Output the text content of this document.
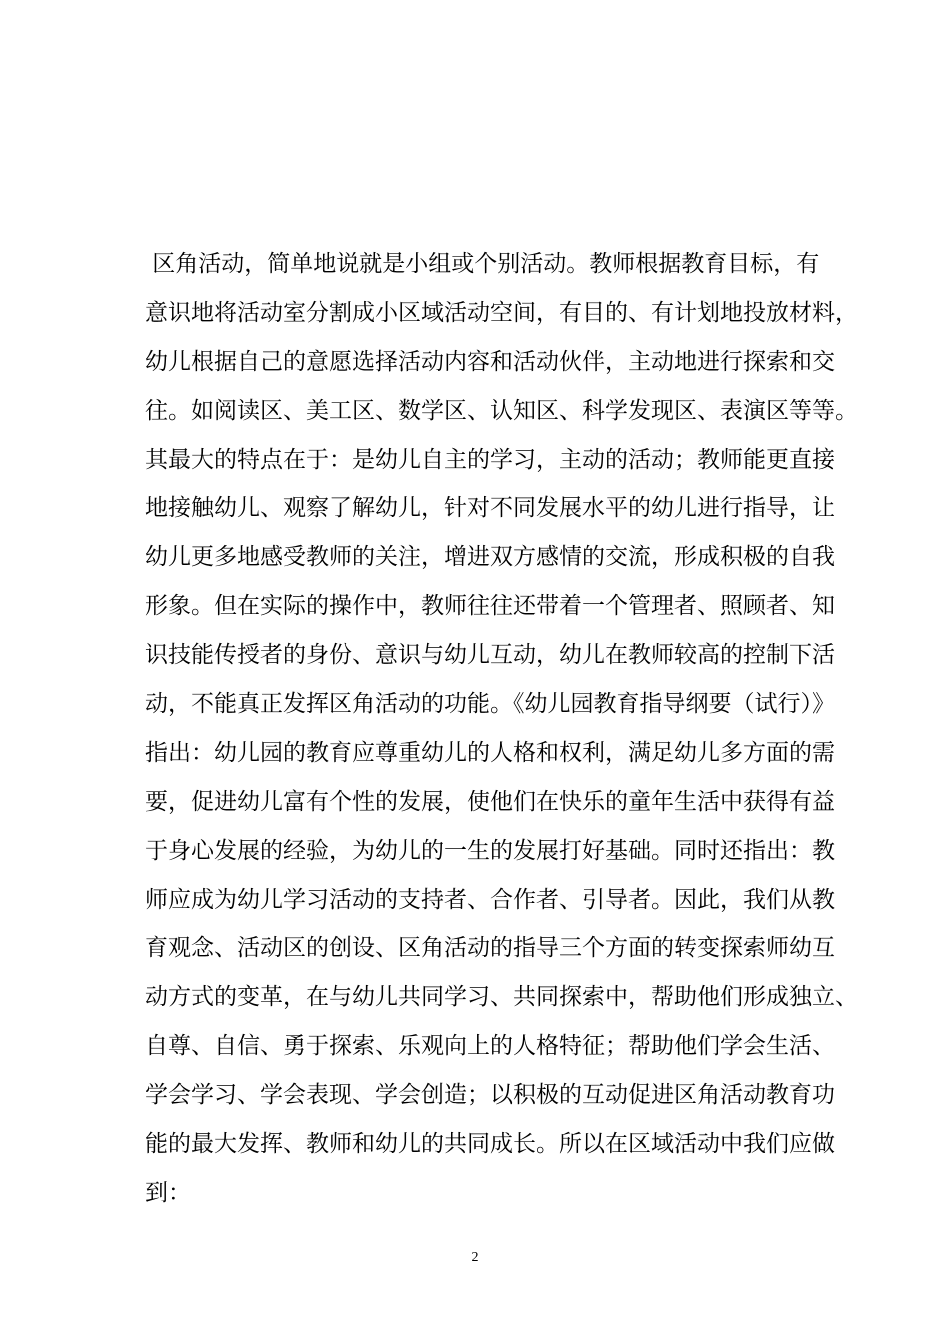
区角活动，简单地说就是小组或个别活动。教师根据教育目标，有
意识地将活动室分割成小区域活动空间，有目的、有计划地投放材料，
幼儿根据自己的意愿选择活动内容和活动伙伴，主动地进行探索和交
往。如阅读区、美工区、数学区、认知区、科学发现区、表演区等等。
其最大的特点在于：是幼儿自主的学习，主动的活动；教师能更直接
地接触幼儿、观察了解幼儿，针对不同发展水平的幼儿进行指导，让
幼儿更多地感受教师的关注，增进双方感情的交流，形成积极的自我
形象。但在实际的操作中，教师往往还带着一个管理者、照顾者、知
识技能传授者的身份、意识与幼儿互动，幼儿在教师较高的控制下活
动，不能真正发挥区角活动的功能。《幼儿园教育指导纲要（试行）》
指出：幼儿园的教育应尊重幼儿的人格和权利，满足幼儿多方面的需
要，促进幼儿富有个性的发展，使他们在快乐的童年生活中获得有益
于身心发展的经验，为幼儿的一生的发展打好基础。同时还指出：教
师应成为幼儿学习活动的支持者、合作者、引导者。因此，我们从教
育观念、活动区的创设、区角活动的指导三个方面的转变探索师幼互
动方式的变革，在与幼儿共同学习、共同探索中，帮助他们形成独立、
自尊、自信、勇于探索、乐观向上的人格特征；帮助他们学会生活、
学会学习、学会表现、学会创造；以积极的互动促进区角活动教育功
能的最大发挥、教师和幼儿的共同成长。所以在区域活动中我们应做
到：
2
